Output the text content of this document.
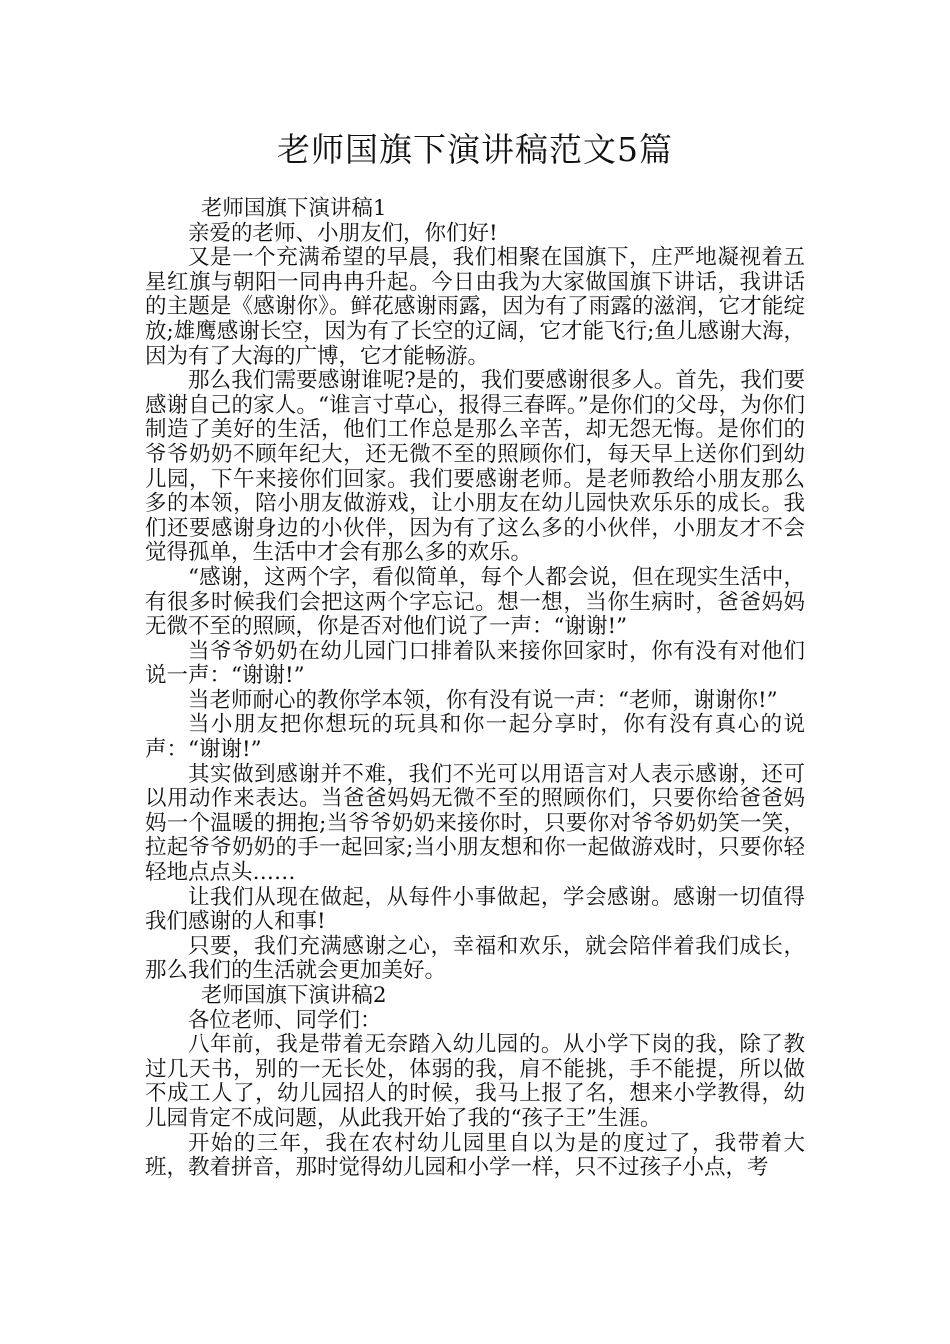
老师国旗下演讲稿范文5篇

老师国旗下演讲稿1

亲爱的老师、小朋友们，你们好!

又是一个充满希望的早晨，我们相聚在国旗下，庄严地凝视着五星红旗与朝阳一同冉冉升起。今日由我为大家做国旗下讲话，我讲话的主题是《感谢你》。鲜花感谢雨露，因为有了雨露的滋润，它才能绽放;雄鹰感谢长空，因为有了长空的辽阔，它才能飞行;鱼儿感谢大海，因为有了大海的广博，它才能畅游。

那么我们需要感谢谁呢?是的，我们要感谢很多人。首先，我们要感谢自己的家人。“谁言寸草心，报得三春晖。”是你们的父母，为你们制造了美好的生活，他们工作总是那么辛苦，却无怨无悔。是你们的爷爷奶奶不顾年纪大，还无微不至的照顾你们，每天早上送你们到幼儿园，下午来接你们回家。我们要感谢老师。是老师教给小朋友那么多的本领，陪小朋友做游戏，让小朋友在幼儿园快欢乐乐的成长。我们还要感谢身边的小伙伴，因为有了这么多的小伙伴，小朋友才不会觉得孤单，生活中才会有那么多的欢乐。

“感谢，这两个字，看似简单，每个人都会说，但在现实生活中，有很多时候我们会把这两个字忘记。想一想，当你生病时，爸爸妈妈无微不至的照顾，你是否对他们说了一声：“谢谢!”

当爷爷奶奶在幼儿园门口排着队来接你回家时，你有没有对他们说一声：“谢谢!”

当老师耐心的教你学本领，你有没有说一声：“老师，谢谢你!”

当小朋友把你想玩的玩具和你一起分享时，你有没有真心的说声：“谢谢!”

其实做到感谢并不难，我们不光可以用语言对人表示感谢，还可以用动作来表达。当爸爸妈妈无微不至的照顾你们，只要你给爸爸妈妈一个温暖的拥抱;当爷爷奶奶来接你时，只要你对爷爷奶奶笑一笑，拉起爷爷奶奶的手一起回家;当小朋友想和你一起做游戏时，只要你轻轻地点点头……

让我们从现在做起，从每件小事做起，学会感谢。感谢一切值得我们感谢的人和事!

只要，我们充满感谢之心，幸福和欢乐，就会陪伴着我们成长，那么我们的生活就会更加美好。

老师国旗下演讲稿2

各位老师、同学们：

八年前，我是带着无奈踏入幼儿园的。从小学下岗的我，除了教过几天书，别的一无长处，体弱的我，肩不能挑，手不能提，所以做不成工人了，幼儿园招人的时候，我马上报了名，想来小学教得，幼儿园肯定不成问题，从此我开始了我的“孩子王”生涯。

开始的三年，我在农村幼儿园里自以为是的度过了，我带着大班，教着拼音，那时觉得幼儿园和小学一样，只不过孩子小点，考
